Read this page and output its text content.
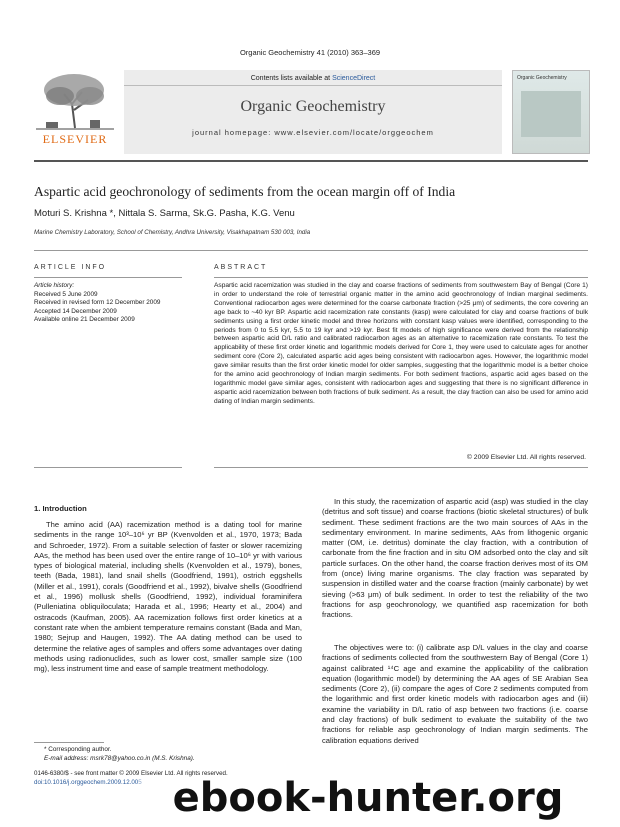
Organic Geochemistry 41 (2010) 363–369
ELSEVIER
Contents lists available at ScienceDirect
Organic Geochemistry
journal homepage: www.elsevier.com/locate/orggeochem
Organic Geochemistry
Aspartic acid geochronology of sediments from the ocean margin off of India
Moturi S. Krishna *, Nittala S. Sarma, Sk.G. Pasha, K.G. Venu
Marine Chemistry Laboratory, School of Chemistry, Andhra University, Visakhapatnam 530 003, India
ARTICLE INFO
Article history:
Received 5 June 2009
Received in revised form 12 December 2009
Accepted 14 December 2009
Available online 21 December 2009
ABSTRACT
Aspartic acid racemization was studied in the clay and coarse fractions of sediments from southwestern Bay of Bengal (Core 1) in order to understand the role of terrestrial organic matter in the amino acid geochronology of Indian marginal sediments. Conventional radiocarbon ages were determined for the coarse carbonate fraction (>25 μm) of sediments, the core covering an age back to ~40 kyr BP. Aspartic acid racemization rate constants (kasp) were calculated for clay and coarse fractions of bulk sediments using a first order kinetic model and three horizons with constant kasp values were identified, corresponding to the periods from 0 to 5.5 kyr, 5.5 to 19 kyr and >19 kyr. Best fit models of high significance were derived from the relationship between aspartic acid D/L ratio and calibrated radiocarbon ages as an alternative to racemization rate constants. To test the applicability of these first order kinetic and logarithmic models derived for Core 1, they were used to calculate ages for another sediment core (Core 2), calculated aspartic acid ages being consistent with radiocarbon ages. However, the logarithmic model gave similar results than the first order kinetic model for older samples, suggesting that the logarithmic model is a better choice for the amino acid geochronology of Indian margin sediments. For both sediment fractions, aspartic acid ages based on the logarithmic model gave similar ages, consistent with radiocarbon ages and suggesting that there is no significant difference in aspartic acid racemization between both fractions of bulk sediment. As a result, the clay fraction can also be used for amino acid dating of Indian margin sediments.
© 2009 Elsevier Ltd. All rights reserved.
1. Introduction
The amino acid (AA) racemization method is a dating tool for marine sediments in the range 10³–10⁶ yr BP (Kvenvolden et al., 1970, 1973; Bada and Schroeder, 1972). From a suitable selection of faster or slower racemizing AAs, the method has been used over the entire range of 10–10⁶ yr with various types of biological material, including shells (Kvenvolden et al., 1979), bones, teeth (Bada, 1981), land snail shells (Goodfriend, 1991), ostrich eggshells (Miller et al., 1991), corals (Goodfriend et al., 1992), bivalve shells (Goodfriend et al., 1996) mollusk shells (Goodfriend, 1992), individual foraminifera (Pulleniatina obliquiloculata; Harada et al., 1996; Hearty et al., 2004) and ostracods (Kaufman, 2005). AA racemization follows first order kinetics at a constant rate when the ambient temperature remains constant (Bada and Man, 1980; Sejrup and Haugen, 1992). The AA dating method can be used to determine the relative ages of samples and offers some advantages over dating methods using radionuclides, such as lower cost, smaller sample size (100 mg), less instrument time and ease of sample treatment methodology.
In this study, the racemization of aspartic acid (asp) was studied in the clay (detritus and soft tissue) and coarse fractions (biotic skeletal structures) of bulk sediment. These sediment fractions are the two main sources of AAs in the sedimentary environment. In marine sediments, AAs from lithogenic organic matter (OM, i.e. detritus) dominate the clay fraction, with a contribution of carbonate from the fine fraction and in situ OM adsorbed onto the clay and silt particle surfaces. On the other hand, the coarse fraction derives most of its OM from (once) living marine organisms. The clay fraction was separated by suspension in distilled water and the coarse fraction (mainly carbonate) by wet sieving (>63 μm) of bulk sediment. In order to test the reliability of the two fractions for asp geochronology, we quantified asp racemization for both fractions.
The objectives were to: (i) calibrate asp D/L values in the clay and coarse fractions of sediments collected from the southwestern Bay of Bengal (Core 1) against calibrated ¹⁴C age and examine the applicability of the calibration equation (logarithmic model) by determining the AA ages of SE Arabian Sea sediments (Core 2), (ii) compare the ages of Core 2 sediments computed from the logarithmic and first order kinetic models with radiocarbon ages and (iii) examine the variability in D/L ratio of asp between two fractions (i.e. coarse and clay fractions) of bulk sediment to evaluate the suitability of the two fractions for reliable asp geochronology of Indian margin sediments. The calibration equations derived
* Corresponding author.
E-mail address: msrk78@yahoo.co.in (M.S. Krishna).
0146-6380/$ - see front matter © 2009 Elsevier Ltd. All rights reserved.
doi:10.1016/j.orggeochem.2009.12.005 ebook-hunter.org
